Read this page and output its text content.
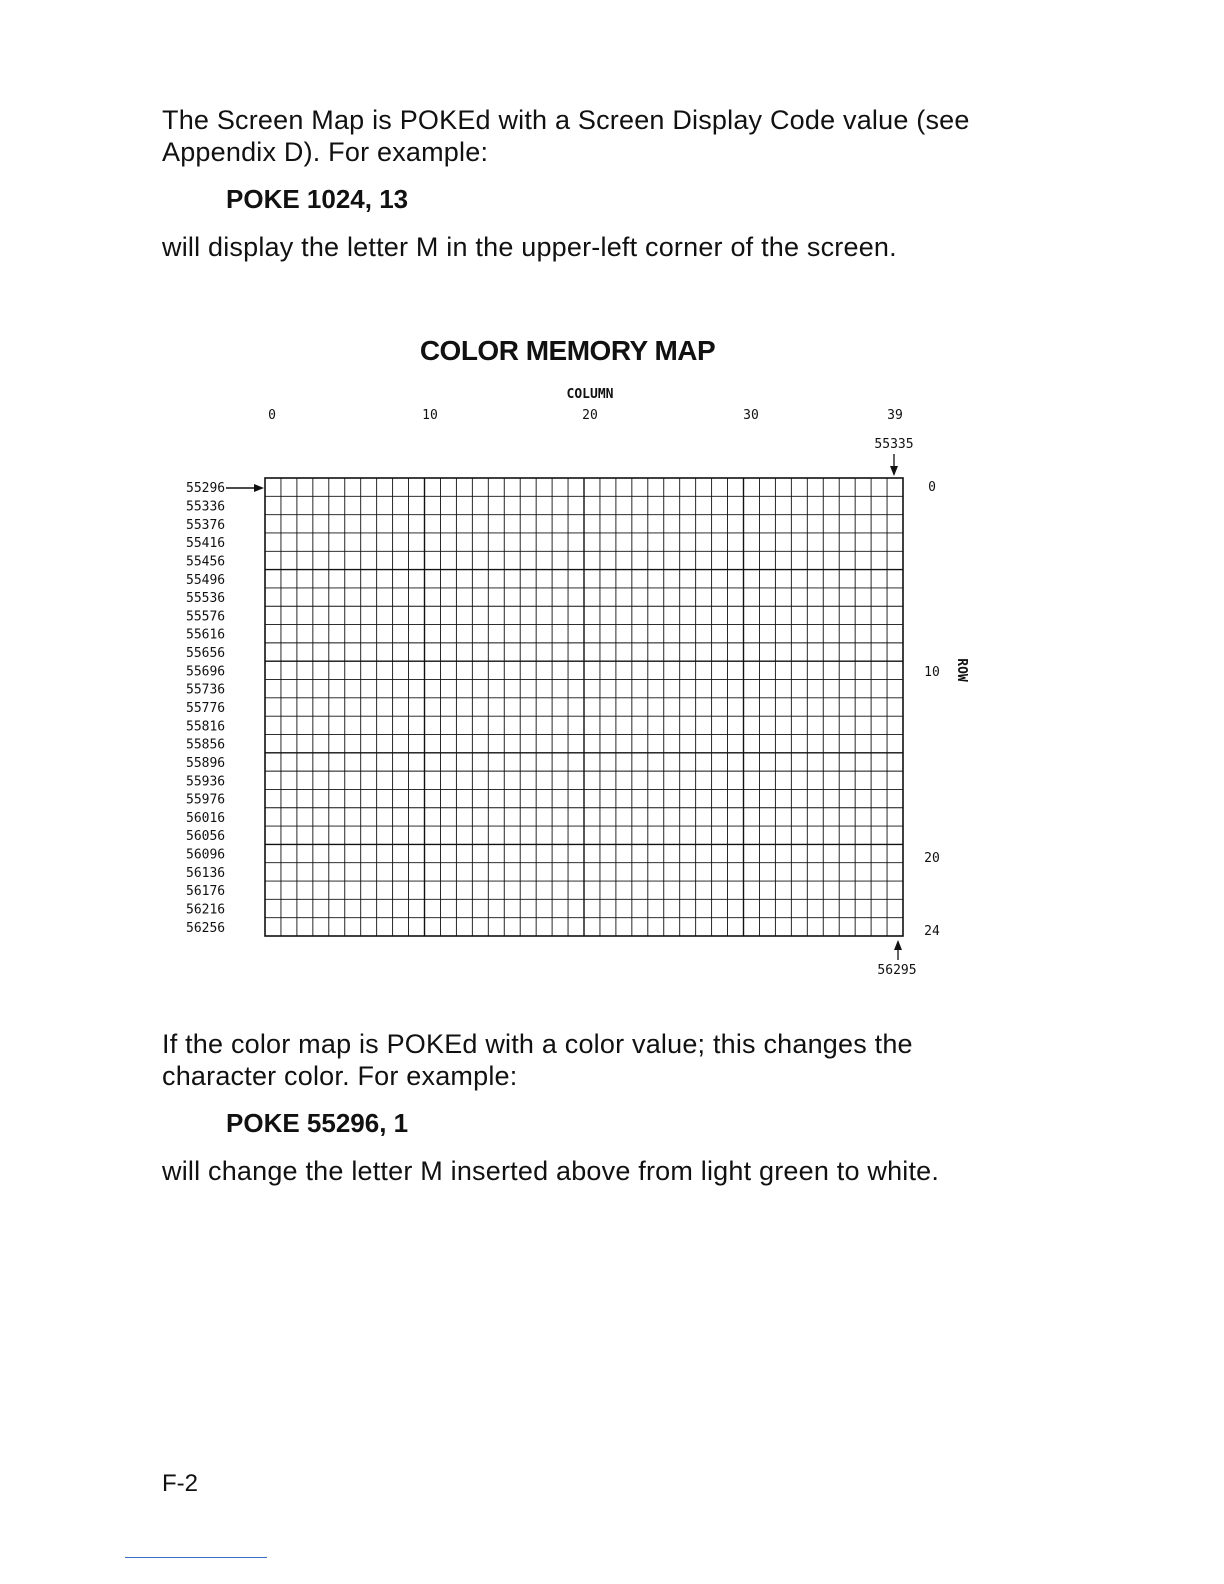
The Screen Map is POKEd with a Screen Display Code value (see Appendix D). For example:

POKE 1024, 13

will display the letter M in the upper-left corner of the screen.

COLOR MEMORY MAP
COLUMN
0	10	20	30	39
55335
0
10
20
24
ROW
56295
55296
55336
55376
55416
55456
55496
55536
55576
55616
55656
55696
55736
55776
55816
55856
55896
55936
55976
56016
56056
56096
56136
56176
56216
56256

If the color map is POKEd with a color value; this changes the character color. For example:

POKE 55296, 1

will change the letter M inserted above from light green to white.

F-2
